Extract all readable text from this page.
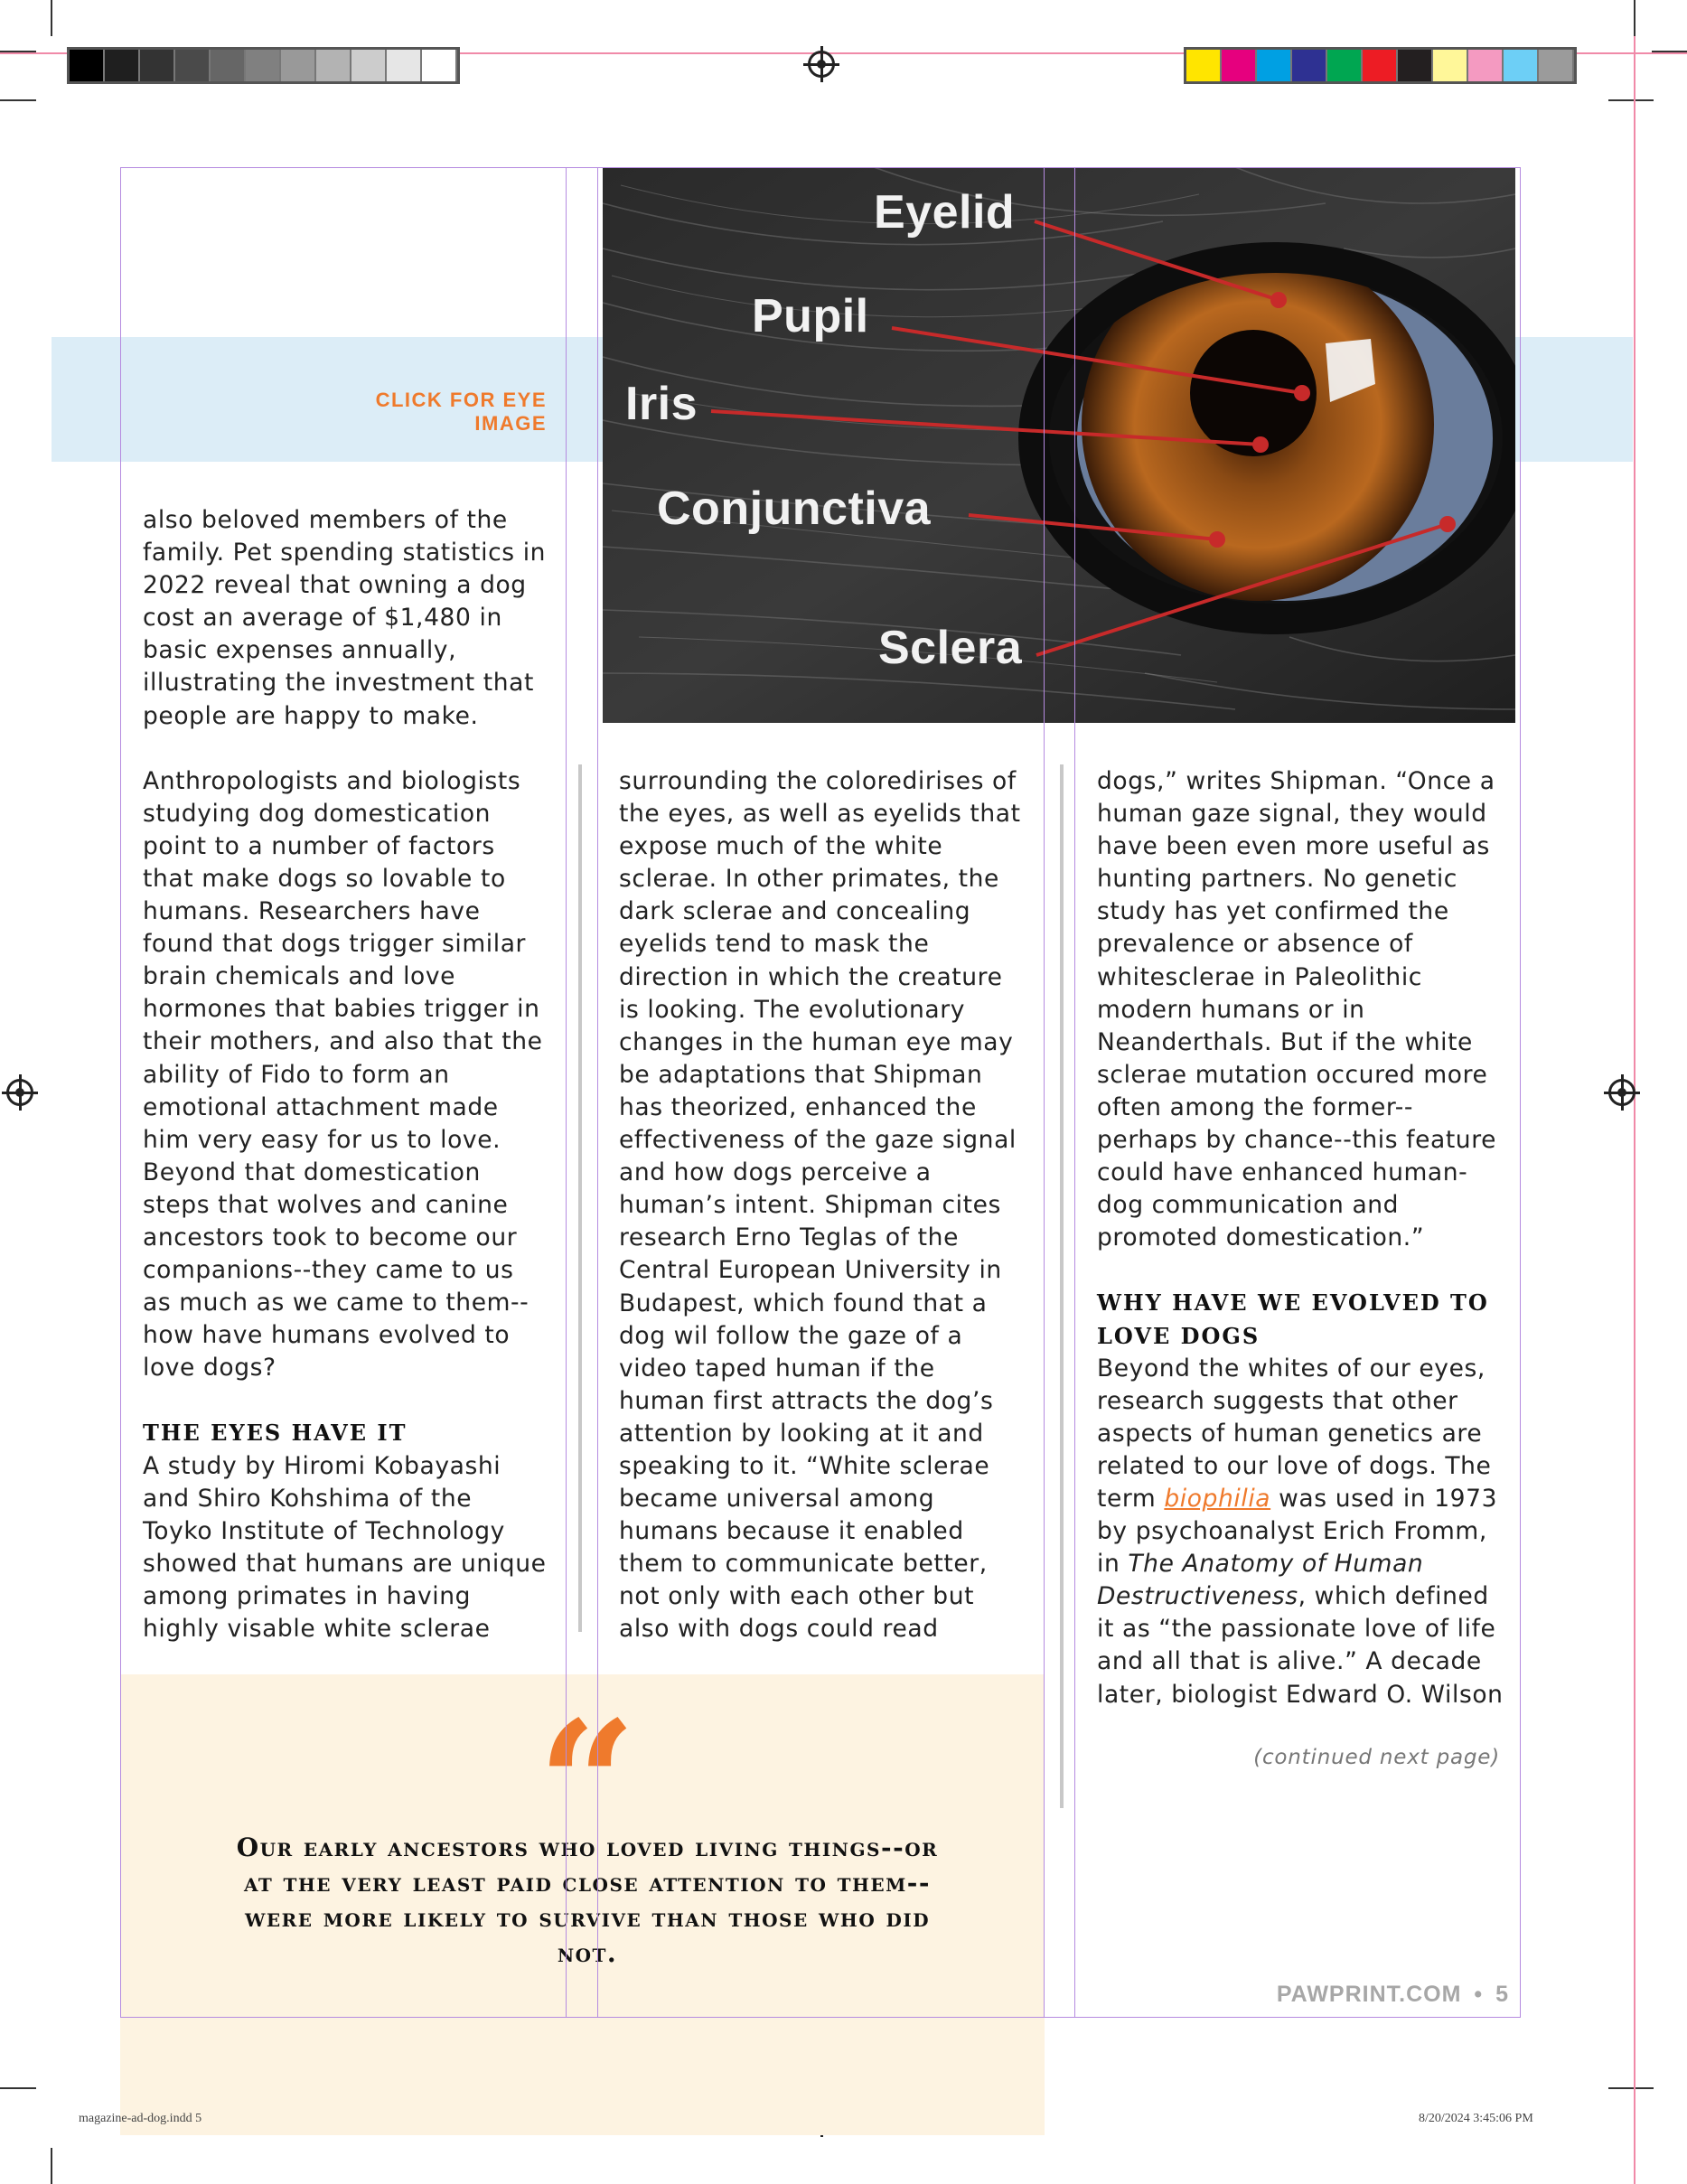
CLICK FOR EYE IMAGE
Eyelid
Pupil
Iris
Conjunctiva
Sclera

also beloved members of the family. Pet spending statistics in 2022 reveal that owning a dog cost an average of $1,480 in basic expenses annually, illustrating the investment that people are happy to make.

Anthropologists and biologists studying dog domestication point to a number of factors that make dogs so lovable to humans. Researchers have found that dogs trigger similar brain chemicals and love hormones that babies trigger in their mothers, and also that the ability of Fido to form an emotional attachment made him very easy for us to love. Beyond that domestication steps that wolves and canine ancestors took to become our companions--they came to us as much as we came to them--how have humans evolved to love dogs?

THE EYES HAVE IT

A study by Hiromi Kobayashi and Shiro Kohshima of the Toyko Institute of Technology showed that humans are unique among primates in having highly visable white sclerae

surrounding the coloredirises of the eyes, as well as eyelids that expose much of the white sclerae. In other primates, the dark sclerae and concealing eyelids tend to mask the direction in which the creature is looking. The evolutionary changes in the human eye may be adaptations that Shipman has theorized, enhanced the effectiveness of the gaze signal and how dogs perceive a human’s intent. Shipman cites research Erno Teglas of the Central European University in Budapest, which found that a dog wil follow the gaze of a video taped human if the human first attracts the dog’s attention by looking at it and speaking to it. “White sclerae became universal among humans because it enabled them to communicate better, not only with each other but also with dogs could read

dogs,” writes Shipman. “Once a human gaze signal, they would have been even more useful as hunting partners. No genetic study has yet confirmed the prevalence or absence of whitesclerae in Paleolithic modern humans or in Neanderthals. But if the white sclerae mutation occured more often among the former--perhaps by chance--this feature could have enhanced human-dog communication and promoted domestication.”

WHY HAVE WE EVOLVED TO LOVE DOGS

Beyond the whites of our eyes, research suggests that other aspects of human genetics are related to our love of dogs. The term biophilia was used in 1973 by psychoanalyst Erich Fromm, in The Anatomy of Human Destructiveness, which defined it as “the passionate love of life and all that is alive.” A decade later, biologist Edward O. Wilson

(continued next page)
“
Our early ancestors who loved living things--or at the very least paid close attention to them--were more likely to survive than those who did not.
PAWPRINT.COM • 5
magazine-ad-dog.indd 5	8/20/2024 3:45:06 PM
